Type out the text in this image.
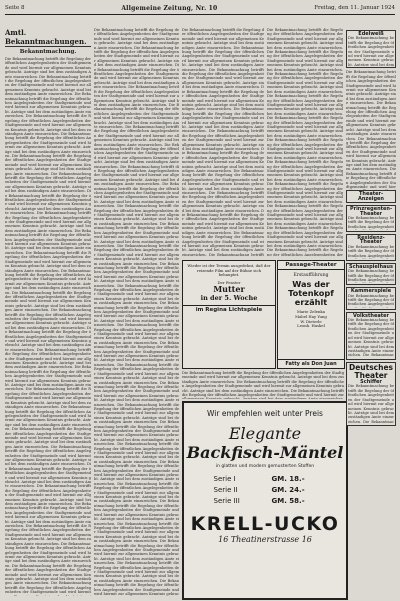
Seite 8	Allgemeine Zeitung, Nr. 10	Freitag, den 11. Januar 1924
Amtl. Bekanntmachungen.
Bekanntmachung.
Die Bekanntmachung betrifft die Regelung der öffentlichen Angelegenheiten der Stadtgemeinde und wird hiermit zur allgemeinen Kenntnis gebracht. Anträge sind bei dem zuständigen Amte einzureichen. Die Bekanntmachung betrifft die Regelung der öffentlichen Angelegenheiten der Stadtgemeinde und wird hiermit zur allgemeinen Kenntnis gebracht. Anträge sind bei dem zuständigen Amte einzureichen. Die Bekanntmachung betrifft die Regelung der öffentlichen Angelegenheiten der Stadtgemeinde und wird hiermit zur allgemeinen Kenntnis gebracht. Anträge sind bei dem zuständigen Amte einzureichen. Die Bekanntmachung betrifft die Regelung der öffentlichen Angelegenheiten der Stadtgemeinde und wird hiermit zur allgemeinen Kenntnis gebracht. Anträge sind bei dem zuständigen Amte einzureichen. Die Bekanntmachung betrifft die Regelung der öffentlichen Angelegenheiten der Stadtgemeinde und wird hiermit zur allgemeinen Kenntnis gebracht. Anträge sind bei dem zuständigen Amte einzureichen. Die Bekanntmachung betrifft die Regelung der öffentlichen Angelegenheiten der Stadtgemeinde und wird hiermit zur allgemeinen Kenntnis gebracht. Anträge sind bei dem zuständigen Amte einzureichen. Die Bekanntmachung betrifft die Regelung der öffentlichen Angelegenheiten der Stadtgemeinde und wird hiermit zur allgemeinen Kenntnis gebracht. Anträge sind bei dem zuständigen Amte einzureichen. Die Bekanntmachung betrifft die Regelung der öffentlichen Angelegenheiten der Stadtgemeinde und wird hiermit zur allgemeinen Kenntnis gebracht. Anträge sind bei dem zuständigen Amte einzureichen. Die Bekanntmachung betrifft die Regelung der öffentlichen Angelegenheiten der Stadtgemeinde und wird hiermit zur allgemeinen Kenntnis gebracht. Anträge sind bei dem zuständigen Amte einzureichen. Die Bekanntmachung betrifft die Regelung der öffentlichen Angelegenheiten der Stadtgemeinde und wird hiermit zur allgemeinen Kenntnis gebracht. Anträge sind bei dem zuständigen Amte einzureichen. Die Bekanntmachung betrifft die Regelung der öffentlichen Angelegenheiten der Stadtgemeinde und wird hiermit zur allgemeinen Kenntnis gebracht. Anträge sind bei dem zuständigen Amte einzureichen. Die Bekanntmachung betrifft die Regelung der öffentlichen Angelegenheiten der Stadtgemeinde und wird hiermit zur allgemeinen Kenntnis gebracht. Anträge sind bei dem zuständigen Amte einzureichen. Die Bekanntmachung betrifft die Regelung der öffentlichen Angelegenheiten der Stadtgemeinde und wird hiermit zur allgemeinen Kenntnis gebracht. Anträge sind bei dem zuständigen Amte einzureichen. Die Bekanntmachung betrifft die Regelung der öffentlichen Angelegenheiten der Stadtgemeinde und wird hiermit zur allgemeinen Kenntnis gebracht. Anträge sind bei dem zuständigen Amte einzureichen. Die Bekanntmachung betrifft die Regelung der öffentlichen Angelegenheiten der Stadtgemeinde und wird hiermit zur allgemeinen Kenntnis gebracht. Anträge sind bei dem zuständigen Amte einzureichen. Die Bekanntmachung betrifft die Regelung der öffentlichen Angelegenheiten der Stadtgemeinde und wird hiermit zur allgemeinen Kenntnis gebracht. Anträge sind bei dem zuständigen Amte einzureichen. Die Bekanntmachung betrifft die Regelung der öffentlichen Angelegenheiten der Stadtgemeinde und wird hiermit zur allgemeinen Kenntnis gebracht. Anträge sind bei dem zuständigen Amte einzureichen. Die Bekanntmachung betrifft die Regelung der öffentlichen Angelegenheiten der Stadtgemeinde und wird hiermit zur allgemeinen Kenntnis gebracht. Anträge sind bei dem zuständigen Amte einzureichen. Die Bekanntmachung betrifft die Regelung der öffentlichen Angelegenheiten der Stadtgemeinde und wird hiermit zur allgemeinen Kenntnis gebracht. Anträge sind bei dem zuständigen Amte einzureichen. Die Bekanntmachung betrifft die Regelung der öffentlichen Angelegenheiten der Stadtgemeinde und wird hiermit zur allgemeinen Kenntnis gebracht. Anträge sind bei dem zuständigen Amte einzureichen. Die Bekanntmachung betrifft die Regelung der öffentlichen Angelegenheiten der Stadtgemeinde und wird hiermit zur allgemeinen Kenntnis gebracht. Anträge sind bei dem zuständigen Amte einzureichen. Die Bekanntmachung betrifft die Regelung der öffentlichen Angelegenheiten der Stadtgemeinde und wird hiermit zur allgemeinen Kenntnis gebracht. Anträge sind bei dem zuständigen Amte einzureichen. Die Bekanntmachung betrifft die Regelung der öffentlichen Angelegenheiten der Stadtgemeinde und wird hiermit zur allgemeinen Kenntnis gebracht. Anträge sind bei dem zuständigen Amte einzureichen. Die Bekanntmachung betrifft die Regelung der öffentlichen Angelegenheiten der Stadtgemeinde und wird hiermit zur allgemeinen Kenntnis gebracht. Anträge sind bei dem zuständigen Amte einzureichen. Die Bekanntmachung betrifft die Regelung der öffentlichen Angelegenheiten der Stadtgemeinde und wird hiermit zur allgemeinen Kenntnis gebracht. Anträge sind bei dem zuständigen Amte einzureichen. Die Bekanntmachung betrifft die Regelung der öffentlichen Angelegenheiten der Stadtgemeinde und wird hiermit zur allgemeinen Kenntnis gebracht. Anträge sind bei dem zuständigen Amte einzureichen. Die Bekanntmachung betrifft die Regelung der öffentlichen Angelegenheiten der Stadtgemeinde und wird hiermit zur allgemeinen Kenntnis gebracht. Anträge sind bei dem zuständigen Amte einzureichen. Die Bekanntmachung betrifft die Regelung der öffentlichen Angelegenheiten der Stadtgemeinde und wird hiermit
Die Bekanntmachung betrifft die Regelung der öffentlichen Angelegenheiten der Stadtgemeinde und wird hiermit zur allgemeinen Kenntnis gebracht. Anträge sind bei dem zuständigen Amte einzureichen. Die Bekanntmachung betrifft die Regelung der öffentlichen Angelegenheiten der Stadtgemeinde und wird hiermit zur allgemeinen Kenntnis gebracht. Anträge sind bei dem zuständigen Amte einzureichen. Die Bekanntmachung betrifft die Regelung der öffentlichen Angelegenheiten der Stadtgemeinde und wird hiermit zur allgemeinen Kenntnis gebracht. Anträge sind bei dem zuständigen Amte einzureichen. Die Bekanntmachung betrifft die Regelung der öffentlichen Angelegenheiten der Stadtgemeinde und wird hiermit zur allgemeinen Kenntnis gebracht. Anträge sind bei dem zuständigen Amte einzureichen. Die Bekanntmachung betrifft die Regelung der öffentlichen Angelegenheiten der Stadtgemeinde und wird hiermit zur allgemeinen Kenntnis gebracht. Anträge sind bei dem zuständigen Amte einzureichen. Die Bekanntmachung betrifft die Regelung der öffentlichen Angelegenheiten der Stadtgemeinde und wird hiermit zur allgemeinen Kenntnis gebracht. Anträge sind bei dem zuständigen Amte einzureichen. Die Bekanntmachung betrifft die Regelung der öffentlichen Angelegenheiten der Stadtgemeinde und wird hiermit zur allgemeinen Kenntnis gebracht. Anträge sind bei dem zuständigen Amte einzureichen. Die Bekanntmachung betrifft die Regelung der öffentlichen Angelegenheiten der Stadtgemeinde und wird hiermit zur allgemeinen Kenntnis gebracht. Anträge sind bei dem zuständigen Amte einzureichen. Die Bekanntmachung betrifft die Regelung der öffentlichen Angelegenheiten der Stadtgemeinde und wird hiermit zur allgemeinen Kenntnis gebracht. Anträge sind bei dem zuständigen Amte einzureichen. Die Bekanntmachung betrifft die Regelung der öffentlichen Angelegenheiten der Stadtgemeinde und wird hiermit zur allgemeinen Kenntnis gebracht. Anträge sind bei dem zuständigen Amte einzureichen. Die Bekanntmachung betrifft die Regelung der öffentlichen Angelegenheiten der Stadtgemeinde und wird hiermit zur allgemeinen Kenntnis gebracht. Anträge sind bei dem zuständigen Amte einzureichen. Die Bekanntmachung betrifft die Regelung der öffentlichen Angelegenheiten der Stadtgemeinde und wird hiermit zur allgemeinen Kenntnis gebracht. Anträge sind bei dem zuständigen Amte einzureichen. Die Bekanntmachung betrifft die Regelung der öffentlichen Angelegenheiten der Stadtgemeinde und wird hiermit zur allgemeinen Kenntnis gebracht. Anträge sind bei dem zuständigen Amte einzureichen. Die Bekanntmachung betrifft die Regelung der öffentlichen Angelegenheiten der Stadtgemeinde und wird hiermit zur allgemeinen Kenntnis gebracht. Anträge sind bei dem zuständigen Amte einzureichen. Die Bekanntmachung betrifft die Regelung der öffentlichen Angelegenheiten der Stadtgemeinde und wird hiermit zur allgemeinen Kenntnis gebracht. Anträge sind bei dem zuständigen Amte einzureichen. Die Bekanntmachung betrifft die Regelung der öffentlichen Angelegenheiten der Stadtgemeinde und wird hiermit zur allgemeinen Kenntnis gebracht. Anträge sind bei dem zuständigen Amte einzureichen. Die Bekanntmachung betrifft die Regelung der öffentlichen Angelegenheiten der Stadtgemeinde und wird hiermit zur allgemeinen Kenntnis gebracht. Anträge sind bei dem zuständigen Amte einzureichen. Die Bekanntmachung betrifft die Regelung der öffentlichen Angelegenheiten der Stadtgemeinde und wird hiermit zur allgemeinen Kenntnis gebracht. Anträge sind bei dem zuständigen Amte einzureichen. Die Bekanntmachung betrifft die Regelung der öffentlichen Angelegenheiten der Stadtgemeinde und wird hiermit zur allgemeinen Kenntnis gebracht. Anträge sind bei dem zuständigen Amte einzureichen. Die Bekanntmachung betrifft die Regelung der öffentlichen Angelegenheiten der Stadtgemeinde und wird hiermit zur allgemeinen Kenntnis gebracht. Anträge sind bei dem zuständigen Amte einzureichen. Die Bekanntmachung betrifft die Regelung der öffentlichen Angelegenheiten der Stadtgemeinde und wird hiermit zur allgemeinen Kenntnis gebracht. Anträge sind bei dem zuständigen Amte einzureichen. Die Bekanntmachung betrifft die Regelung der öffentlichen Angelegenheiten der Stadtgemeinde und wird hiermit zur allgemeinen Kenntnis gebracht. Anträge sind bei dem zuständigen Amte einzureichen. Die Bekanntmachung betrifft die Regelung der öffentlichen Angelegenheiten der Stadtgemeinde und wird hiermit zur allgemeinen Kenntnis gebracht. Anträge sind bei dem zuständigen Amte einzureichen. Die Bekanntmachung betrifft die Regelung der öffentlichen Angelegenheiten der Stadtgemeinde und wird hiermit zur allgemeinen Kenntnis gebracht. Anträge sind bei dem zuständigen Amte einzureichen. Die Bekanntmachung betrifft die Regelung der öffentlichen Angelegenheiten der Stadtgemeinde und wird hiermit zur allgemeinen Kenntnis gebracht. Anträge sind bei dem zuständigen Amte einzureichen. Die Bekanntmachung betrifft die Regelung der öffentlichen Angelegenheiten der Stadtgemeinde und wird hiermit zur allgemeinen Kenntnis gebracht. Anträge sind bei dem zuständigen Amte einzureichen. Die Bekanntmachung betrifft die Regelung der öffentlichen Angelegenheiten der Stadtgemeinde und wird hiermit zur allgemeinen Kenntnis gebracht. Anträge sind bei dem zuständigen Amte einzureichen. Die Bekanntmachung betrifft die Regelung der öffentlichen Angelegenheiten der Stadtgemeinde und wird hiermit zur allgemeinen Kenntnis gebracht. Anträge sind bei dem zuständigen Amte einzureichen. Die Bekanntmachung betrifft die Regelung der öffentlichen Angelegenheiten der Stadtgemeinde und wird hiermit zur allgemeinen Kenntnis gebrac
Die Bekanntmachung betrifft die Regelung der öffentlichen Angelegenheiten der Stadtgemeinde und wird hiermit zur allgemeinen Kenntnis gebracht. Anträge sind bei dem zuständigen Amte einzureichen. Die Bekanntmachung betrifft die Regelung der öffentlichen Angelegenheiten der Stadtgemeinde und wird hiermit zur allgemeinen Kenntnis gebracht. Anträge sind bei dem zuständigen Amte einzureichen. Die Bekanntmachung betrifft die Regelung der öffentlichen Angelegenheiten der Stadtgemeinde und wird hiermit zur allgemeinen Kenntnis gebracht. Anträge sind bei dem zuständigen Amte einzureichen. Die Bekanntmachung betrifft die Regelung der öffentlichen Angelegenheiten der Stadtgemeinde und wird hiermit zur allgemeinen Kenntnis gebracht. Anträge sind bei dem zuständigen Amte einzureichen. Die Bekanntmachung betrifft die Regelung der öffentlichen Angelegenheiten der Stadtgemeinde und wird hiermit zur allgemeinen Kenntnis gebracht. Anträge sind bei dem zuständigen Amte einzureichen. Die Bekanntmachung betrifft die Regelung der öffentlichen Angelegenheiten der Stadtgemeinde und wird hiermit zur allgemeinen Kenntnis gebracht. Anträge sind bei dem zuständigen Amte einzureichen. Die Bekanntmachung betrifft die Regelung der öffentlichen Angelegenheiten der Stadtgemeinde und wird hiermit zur allgemeinen Kenntnis gebracht. Anträge sind bei dem zuständigen Amte einzureichen. Die Bekanntmachung betrifft die Regelung der öffentlichen Angelegenheiten der Stadtgemeinde und wird hiermit zur allgemeinen Kenntnis gebracht. Anträge sind bei dem zuständigen Amte einzureichen. Die Bekanntmachung betrifft die Regelung der öffentlichen Angelegenheiten der Stadtgemeinde und wird hiermit zur allgemeinen Kenntnis gebracht. Anträge sind bei dem zuständigen Amte einzureichen. Die Bekanntmachung betrifft die Regelung der öffentlichen Angelegenheiten der Stadtgemeinde und wird hiermit zur allgemeinen Kenntnis gebracht. Anträge sind bei dem zuständigen Amte einzureichen. Die Bekanntmachung betrifft die Regelung der öffentlichen Angelegenheiten der Stadtgemeinde und wird hiermit zur allgemeinen Kenntnis gebracht. Anträge sind bei dem zuständigen Amte einzureichen. Die Bekanntmachung betrifft
Die Bekanntmachung betrifft die Regelung der öffentlichen Angelegenheiten der Stadtgemeinde und wird hiermit zur allgemeinen Kenntnis gebracht. Anträge sind bei dem zuständigen Amte einzureichen. Die Bekanntmachung betrifft die Regelung der öffentlichen Angelegenheiten der Stadtgemeinde und wird hiermit zur allgemeinen Kenntnis gebracht. Anträge sind bei dem zuständigen Amte einzureichen. Die Bekanntmachung betrifft die Regelung der öffentlichen Angelegenheiten der Stadtgemeinde und wird hiermit zur allgemeinen Kenntnis gebracht. Anträge sind bei dem zuständigen Amte einzureichen. Die Bekanntmachung betrifft die Regelung der öffentlichen Angelegenheiten der Stadtgemeinde und wird hiermit zur allgemeinen Kenntnis gebracht. Anträge sind bei dem zuständigen Amte einzureichen. Die Bekanntmachung betrifft die Regelung der öffentlichen Angelegenheiten der Stadtgemeinde und wird hiermit zur allgemeinen Kenntnis gebracht. Anträge sind bei dem zuständigen Amte einzureichen. Die Bekanntmachung betrifft die Regelung der öffentlichen Angelegenheiten der Stadtgemeinde und wird hiermit zur allgemeinen Kenntnis gebracht. Anträge sind bei dem zuständigen Amte einzureichen. Die Bekanntmachung betrifft die Regelung der öffentlichen Angelegenheiten der Stadtgemeinde und wird hiermit zur allgemeinen Kenntnis gebracht. Anträge sind bei dem zuständigen Amte einzureichen. Die Bekanntmachung betrifft die Regelung der öffentlichen Angelegenheiten der Stadtgemeinde und wird hiermit zur allgemeinen Kenntnis gebracht. Anträge sind bei dem zuständigen Amte einzureichen. Die Bekanntmachung betrifft die Regelung der öffentlichen Angelegenheiten der Stadtgemeinde und wird hiermit zur allgemeinen Kenntnis gebracht. Anträge sind bei dem zuständigen Amte einzureichen. Die Bekanntmachung betrifft die Regelung der öffentlichen Angelegenheiten der Stadtgemeinde und wird hiermit zur allgemeinen Kenntnis gebracht. Anträge sind bei dem zuständigen Amte einzureichen. Die Bekanntmachung betrifft die Regelung der öffentlichen Angelegenheiten der
Die Bekanntmachung betrifft die Regelung der öffentlichen Angelegenheiten der Stadtgemeinde und wird hiermit zur allgemeinen Kenntnis gebracht. Anträge sind bei dem zuständigen Amte einzureichen. Die Bekanntmachung betrifft die Regelung der öffentlichen Angelegenheiten der Stadtgemeinde und wird hiermit zur allgemeinen Kenntnis gebracht. Anträge sind bei dem zuständigen Amte einzureichen. Die Bekanntmachung betrifft die Regelung der öffentlichen Angelegenheiten der Stadtgemeinde und wird hiermit zur
Wieder ist der Termin ausgedehnt, daß der reizende Film auf der Bühne sich behauptet.
Der Fenster
Mutter
in der 5. Woche
im Regina Lichtspiele
Passage-Theater
Erstaufführung
Was der Totenkopf erzählt
Marie Zelenka
Mabel Hay Yung
W. Dieterle
Leonh. Haskel
Fatty als Don Juan
Wir empfehlen weit unter Preis
Elegante
Backfisch-Mäntel
in glatten und modern gemusterten Stoffen
Serie I	GM. 18.-
Serie II	GM. 24.-
Serie III	GM. 58.-
KRELL-UCKO
16 Theatinerstrasse 16
Edelweiß
Die Bekanntmachung betrifft die Regelung der öffentlichen Angelegenheiten der Stadtgemeinde und wird hiermit zur allgemeinen Kenntnis gebracht. Anträge sind bei dem
Die Bekanntmachung betrifft die Regelung der öffentlichen Angelegenheiten der Stadtgemeinde und wird hiermit zur allgemeinen Kenntnis gebracht. Anträge sind bei dem zuständigen Amte einzureichen. Die Bekanntmachung betrifft die Regelung der öffentlichen Angelegenheiten der Stadtgemeinde und wird hiermit zur allgemeinen Kenntnis gebracht. Anträge sind bei dem zuständigen Amte einzureichen. Die Bekanntmachung betrifft die Regelung der öffentlichen Angelegenheiten der Stadtgemeinde und wird hiermit zur allgemeinen Kenntnis gebracht. Anträge sind bei dem zuständigen Amte einzureichen. Die Bekanntmachung betrifft die Regelung der öffentlichen Angelegenheiten der Stadtgemeinde und wird hier
Theater-Anzeigen
Prinzregenten-Theater
Die Bekanntmachung betrifft die Regelung der öffentlichen Angelegenheit
Residenz-Theater
Die Bekanntmachung betrifft die Regelung der öffentlichen Angelegenheit
Schauspielhaus
Die Bekanntmachung betrifft die Regelung der öffentlichen Angelegenheit
Kammerspiele
Die Bekanntmachung betrifft die Regelung der öffentlichen Angelegenheit
Volkstheater
Die Bekanntmachung betrifft die Regelung der öffentlichen Angelegenheiten der Stadtgemeinde und wird hiermit zur allgemeinen Kenntnis gebracht. Anträge sind bei dem zuständigen Amte einzureichen. Die Bekanntmac
Deutsches Theater
Schiffer
Die Bekanntmachung betrifft die Regelung der öffentlichen Angelegenheiten der Stadtgemeinde und wird hiermit zur allgemeinen Kenntnis gebracht. Anträge sind bei dem zuständigen Amte einzureichen. Die Bekanntmac
